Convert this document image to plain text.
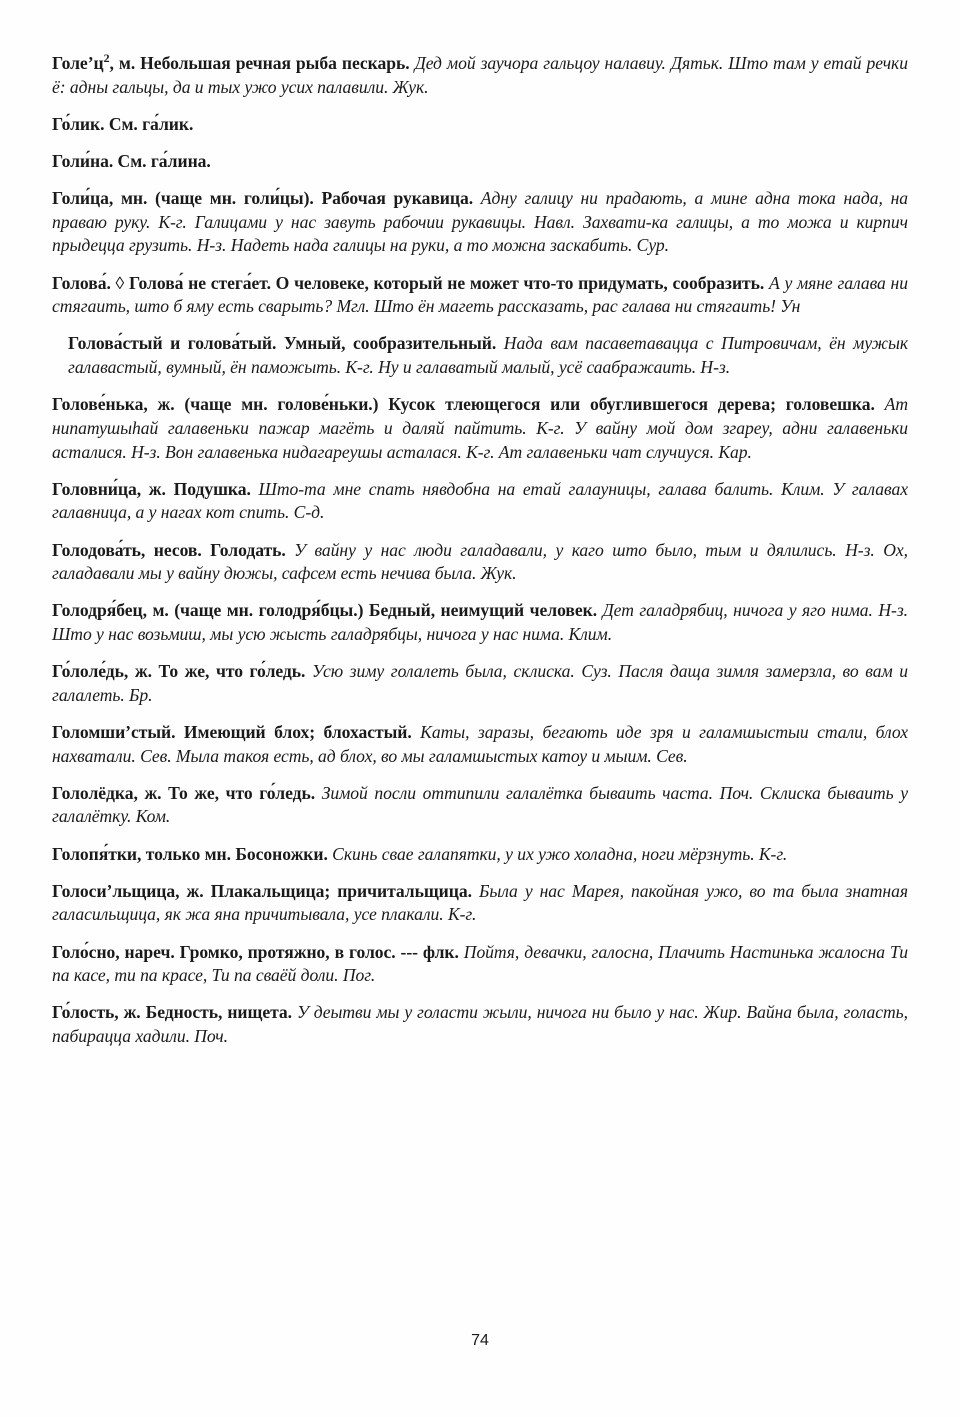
$Голе’ц^2$, м. Небольшая речная рыба пескарь. Дед мой заучора гальцоу налавиу. Дятьк. Што там у етай речки ё: адны гальцы, да и тых ужо усих палавили. Жук.

Го́лик. См. га́лик.

Голи́на. См. га́лина.

Голи́ца, мн. (чаще мн. голи́цы). Рабочая рукавица. Адну галицу ни прадають, а мине адна тока нада, на праваю руку. К-г. Галицами у нас завуть рабочии рукавицы. Навл. Захвати-ка галицы, а то можа и кирпич прыдецца грузить. Н-з. Надеть нада галицы на руки, а то можна заскабить. Сур.

Голова́. ◊ Голова́ не стега́ет. О человеке, который не может что-то придумать, сообразить. А у мяне галава ни стягаить, што б яму есть сварыть? Мгл. Што ён магеть рассказать, рас галава ни стягаить! Ун

Голова́стый и голова́тый. Умный, сообразительный. Нада вам пасаветавацца с Питровичам, ён мужык галавастый, вумный, ён паможыть. К-г. Ну и галаватый малый, усё саабражаить. Н-з.

Голове́нька, ж. (чаще мн. голове́ньки.) Кусок тлеющегося или обуглившегося дерева; головешка. Ат нипатушыhай галавеньки пажар магёть и даляй пайтить. К-г. У вайну мой дом згареу, адни галавеньки асталися. Н-з. Вон галавенька нидагареушы асталася. К-г. Ат галавеньки чат случиуся. Кар.

Головни́ца, ж. Подушка. Што-та мне спать нявдобна на етай галауницы, галава балить. Клим. У галавах галавница, а у нагах кот спить. С-д.

Голодова́ть, несов. Голодать. У вайну у нас люди галадавали, у каго што было, тым и дялились. Н-з. Ох, галадавали мы у вайну дюжы, сафсем есть нечива была. Жук.

Голодря́бец, м. (чаще мн. голодря́бцы.) Бедный, неимущий человек. Дет галадрябиц, ничога у яго нима. Н-з. Што у нас возьмиш, мы усю жысть галадрябцы, ничога у нас нима. Клим.

Го́лоле́дь, ж. То же, что го́ледь. Усю зиму голалеть была, склиска. Суз. Пасля даща зимля замерзла, во вам и галалеть. Бр.

Голомши’стый. Имеющий блох; блохастый. Каты, заразы, бегають иде зря и галамшыстыи стали, блох нахватали. Сев. Мыла такоя есть, ад блох, во мы галамшыстых катоу и мыим. Сев.

Гололёдка, ж. То же, что го́ледь. Зимой посли оттипили галалётка бываить часта. Поч. Склиска бываить у галалётку. Ком.

Голопя́тки, только мн. Босоножки. Скинь свае галапятки, у их ужо холадна, ноги мёрзнуть. К-г.

Голоси’льщица, ж. Плакальщица; причитальщица. Была у нас Марея, пакойная ужо, во та была знатная галасильщица, як жа яна причитывала, усе плакали. К-г.

Голо́сно, нареч. Громко, протяжно, в голос. --- флк. Пойтя, девачки, галосна, Плачить Настинька жалосна Ти па касе, ти па красе, Ти па сваёй доли. Пог.

Го́лость, ж. Бедность, нищета. У деытви мы у голасти жыли, ничога ни было у нас. Жир. Вайна была, голасть, пабирацца хадили. Поч.

74
